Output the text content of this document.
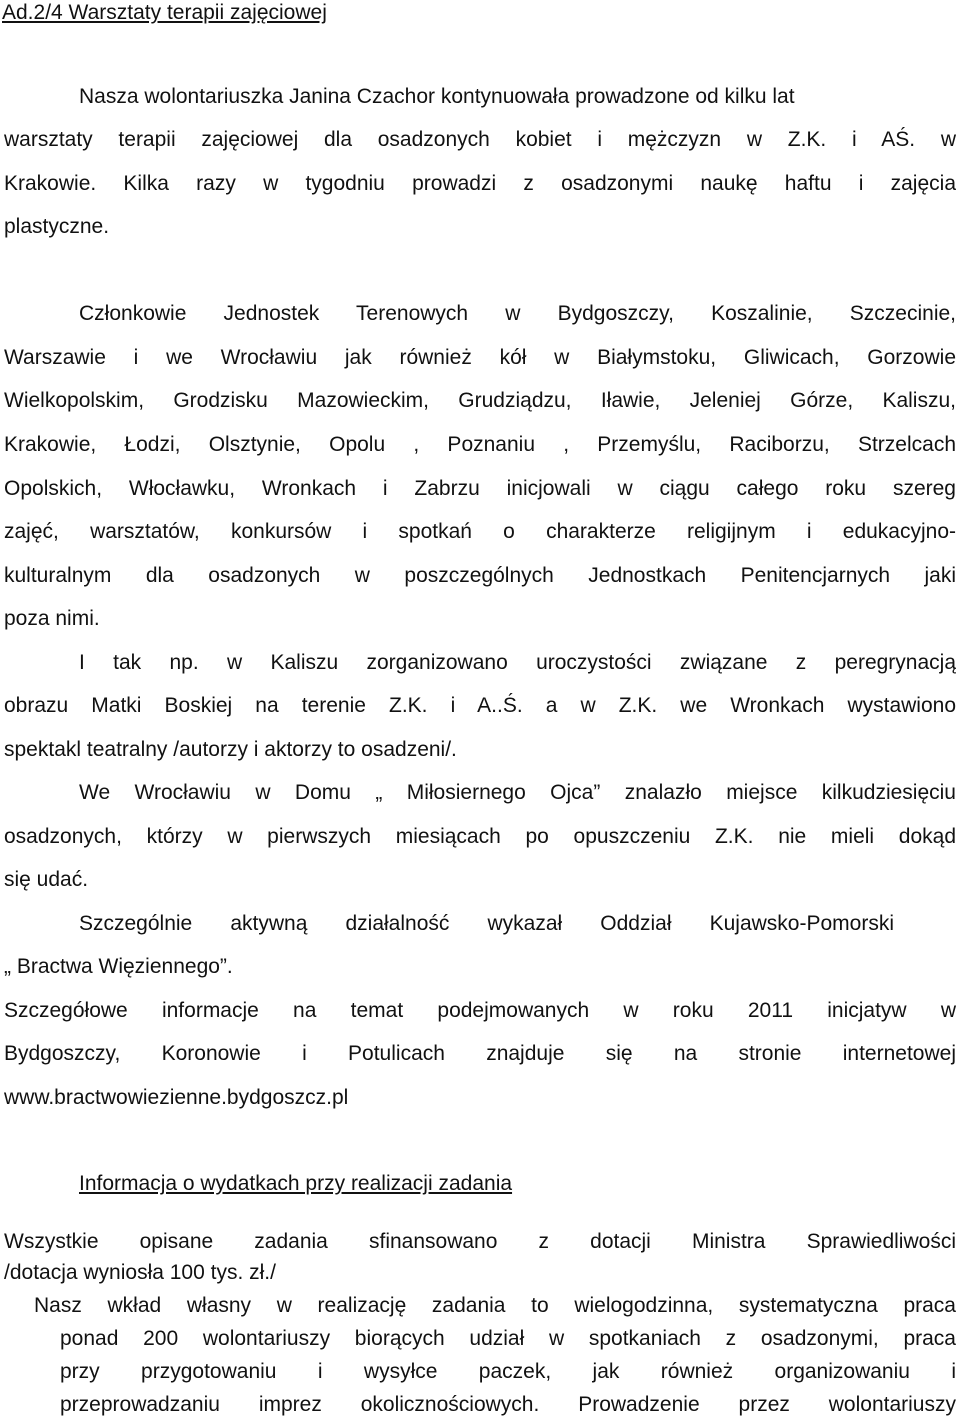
Ad.2/4 Warsztaty terapii zajęciowej
Nasza wolontariuszka Janina Czachor kontynuowała prowadzone od kilku lat
warsztaty terapii zajęciowej dla osadzonych kobiet i mężczyzn w Z.K. i AŚ. w
Krakowie. Kilka razy w tygodniu prowadzi z osadzonymi naukę haftu i zajęcia
plastyczne.
Członkowie Jednostek Terenowych w Bydgoszczy, Koszalinie, Szczecinie,
Warszawie i we Wrocławiu jak również kół w Białymstoku, Gliwicach, Gorzowie
Wielkopolskim, Grodzisku Mazowieckim, Grudziądzu, Iławie, Jeleniej Górze, Kaliszu,
Krakowie, Łodzi, Olsztynie, Opolu , Poznaniu , Przemyślu, Raciborzu, Strzelcach
Opolskich, Włocławku, Wronkach i Zabrzu inicjowali w ciągu całego roku szereg
zajęć, warsztatów, konkursów i spotkań o charakterze religijnym i edukacyjno-
kulturalnym dla osadzonych w poszczególnych Jednostkach Penitencjarnych jaki
poza nimi.
I tak np. w Kaliszu zorganizowano uroczystości związane z peregrynacją
obrazu Matki Boskiej na terenie Z.K. i A..Ś. a w Z.K. we Wronkach wystawiono
spektakl teatralny /autorzy i aktorzy to osadzeni/.
We Wrocławiu w Domu „ Miłosiernego Ojca” znalazło miejsce kilkudziesięciu
osadzonych, którzy w pierwszych miesiącach po opuszczeniu Z.K. nie mieli dokąd
się udać.
Szczególnie aktywną działalność wykazał Oddział Kujawsko-Pomorski
„ Bractwa Więziennego”.
Szczegółowe informacje na temat podejmowanych w roku 2011 inicjatyw w
Bydgoszczy, Koronowie i Potulicach znajduje się na stronie internetowej
www.bractwowiezienne.bydgoszcz.pl
Informacja o wydatkach przy realizacji zadania
Wszystkie opisane zadania sfinansowano z dotacji Ministra Sprawiedliwości
/dotacja wyniosła 100 tys. zł./
Nasz wkład własny w realizację zadania to wielogodzinna, systematyczna praca
ponad 200 wolontariuszy biorących udział w spotkaniach z osadzonymi, praca
przy przygotowaniu i wysyłce paczek, jak również organizowaniu i
przeprowadzaniu imprez okolicznościowych. Prowadzenie przez wolontariuszy
